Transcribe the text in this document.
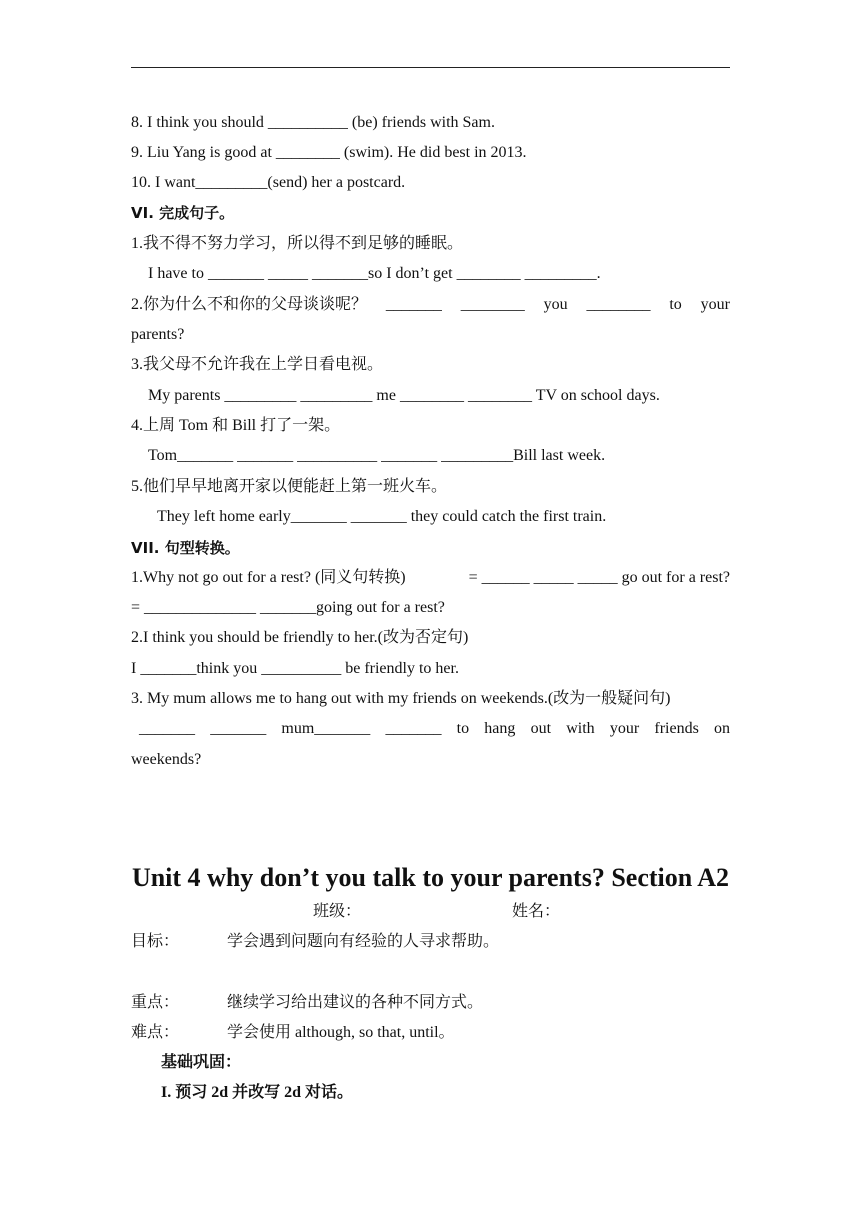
8. I think you should __________ (be) friends with Sam.
9. Liu Yang is good at ________ (swim). He did best in 2013.
10. I want_________(send) her a postcard.
VI. 完成句子。
1.我不得不努力学习，所以得不到足够的睡眠。
I have to _______ _____ _______so I don’t get ________ _________.
2.你为什么不和你的父母谈谈呢？ _______ ________ you ________ to your
parents?
3.我父母不允许我在上学日看电视。
My parents _________ _________ me ________ ________ TV on school days.
4.上周 Tom 和 Bill 打了一架。
Tom_______ _______ __________ _______ _________Bill last week.
5.他们早早地离开家以便能赶上第一班火车。
They left home early_______ _______ they could catch the first train.
VII. 句型转换。
1.Why not go out for a rest? (同义句转换)	= ______ _____ _____ go out for a rest?
= ______________ _______going out for a rest?
2.I think you should be friendly to her.(改为否定句)
I _______think you __________ be friendly to her.
3. My mum allows me to hang out with my friends on weekends.(改为一般疑问句)
_______ _______ mum_______ _______ to hang out with your friends on
weekends?
Unit 4 why don’t you talk to your parents? Section A2
班级：	姓名：
目标：	学会遇到问题向有经验的人寻求帮助。
重点：	继续学习给出建议的各种不同方式。
难点：	学会使用 although, so that, until。
基础巩固：
I. 预习 2d 并改写 2d 对话。
